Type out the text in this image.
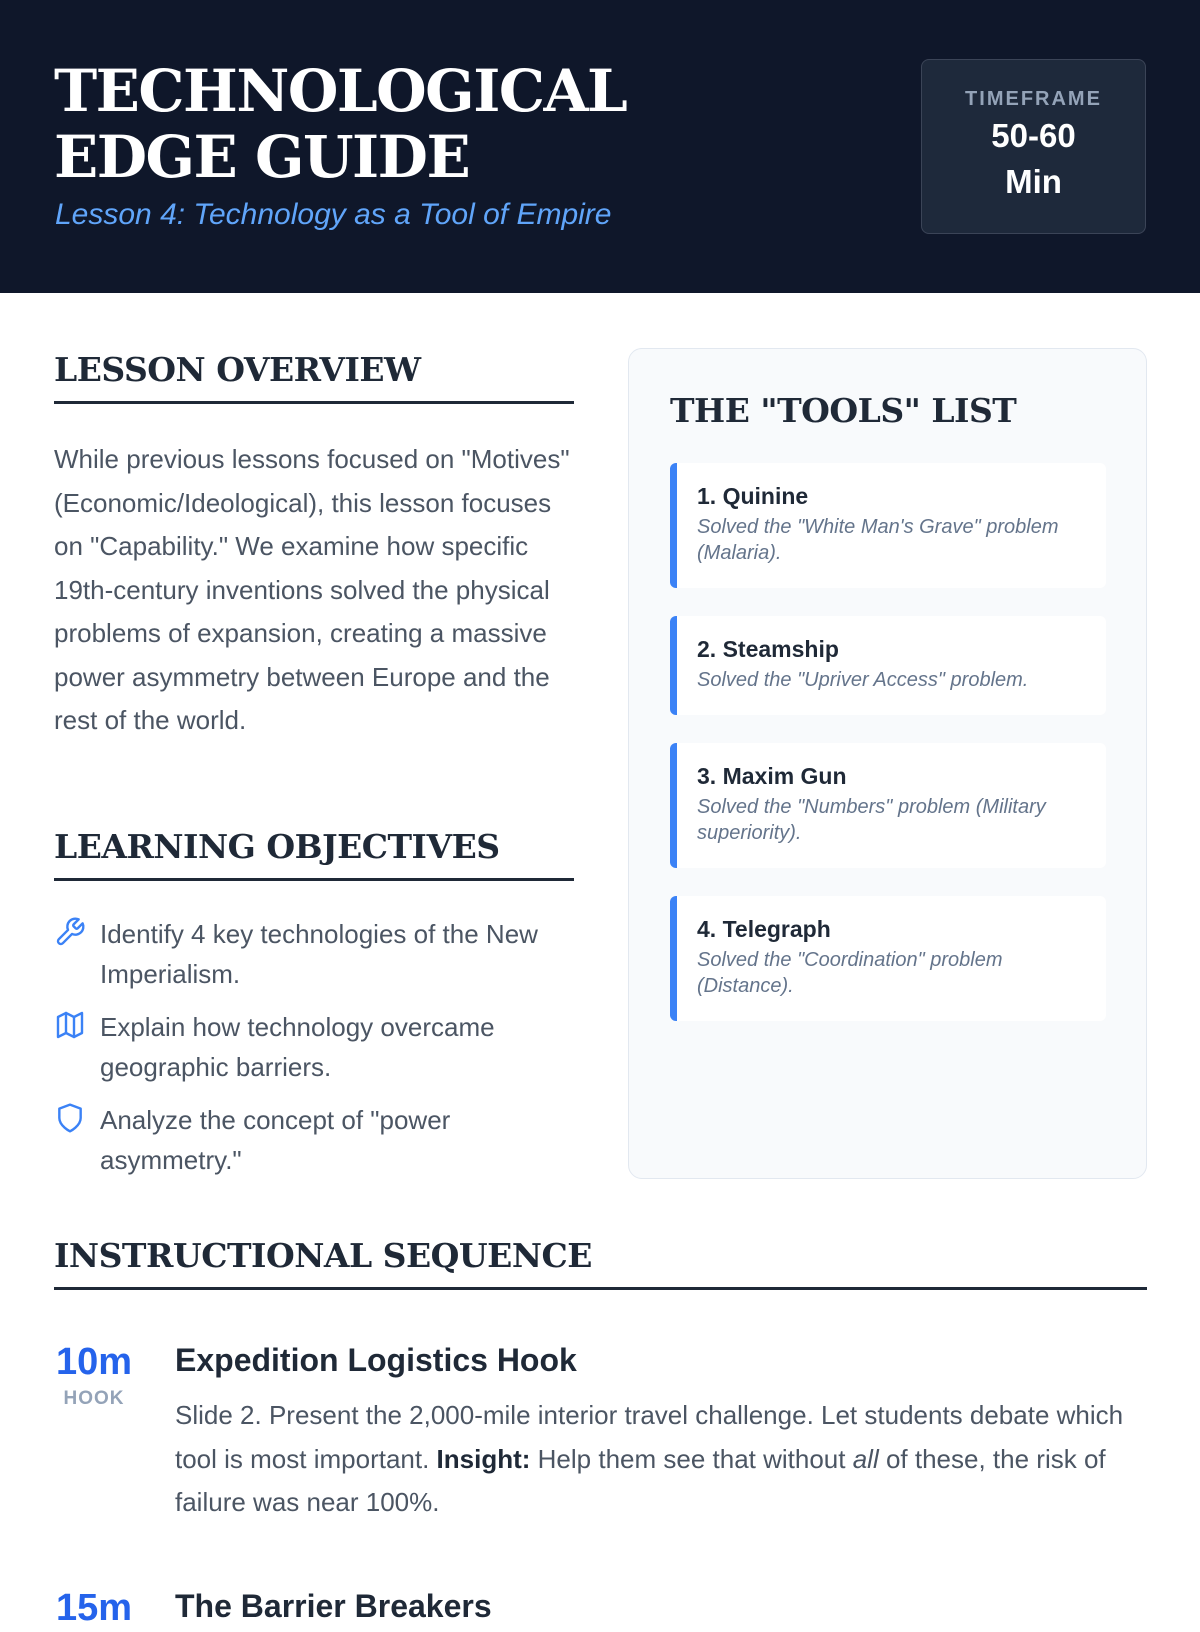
TECHNOLOGICAL EDGE GUIDE

Lesson 4: Technology as a Tool of Empire

TIMEFRAME
50-60
Min
LESSON OVERVIEW

While previous lessons focused on "Motives" (Economic/Ideological), this lesson focuses on "Capability." We examine how specific 19th-century inventions solved the physical problems of expansion, creating a massive power asymmetry between Europe and the rest of the world.

LEARNING OBJECTIVES
Identify 4 key technologies of the New Imperialism.
Explain how technology overcame geographic barriers.
Analyze the concept of "power asymmetry."
THE "TOOLS" LIST

1. Quinine

Solved the "White Man's Grave" problem (Malaria).

2. Steamship

Solved the "Upriver Access" problem.

3. Maxim Gun

Solved the "Numbers" problem (Military superiority).

4. Telegraph

Solved the "Coordination" problem (Distance).

INSTRUCTIONAL SEQUENCE
10m
HOOK
Expedition Logistics Hook

Slide 2. Present the 2,000-mile interior travel challenge. Let students debate which tool is most important. Insight: Help them see that without all of these, the risk of failure was near 100%.

15m The Barrier Breakers
